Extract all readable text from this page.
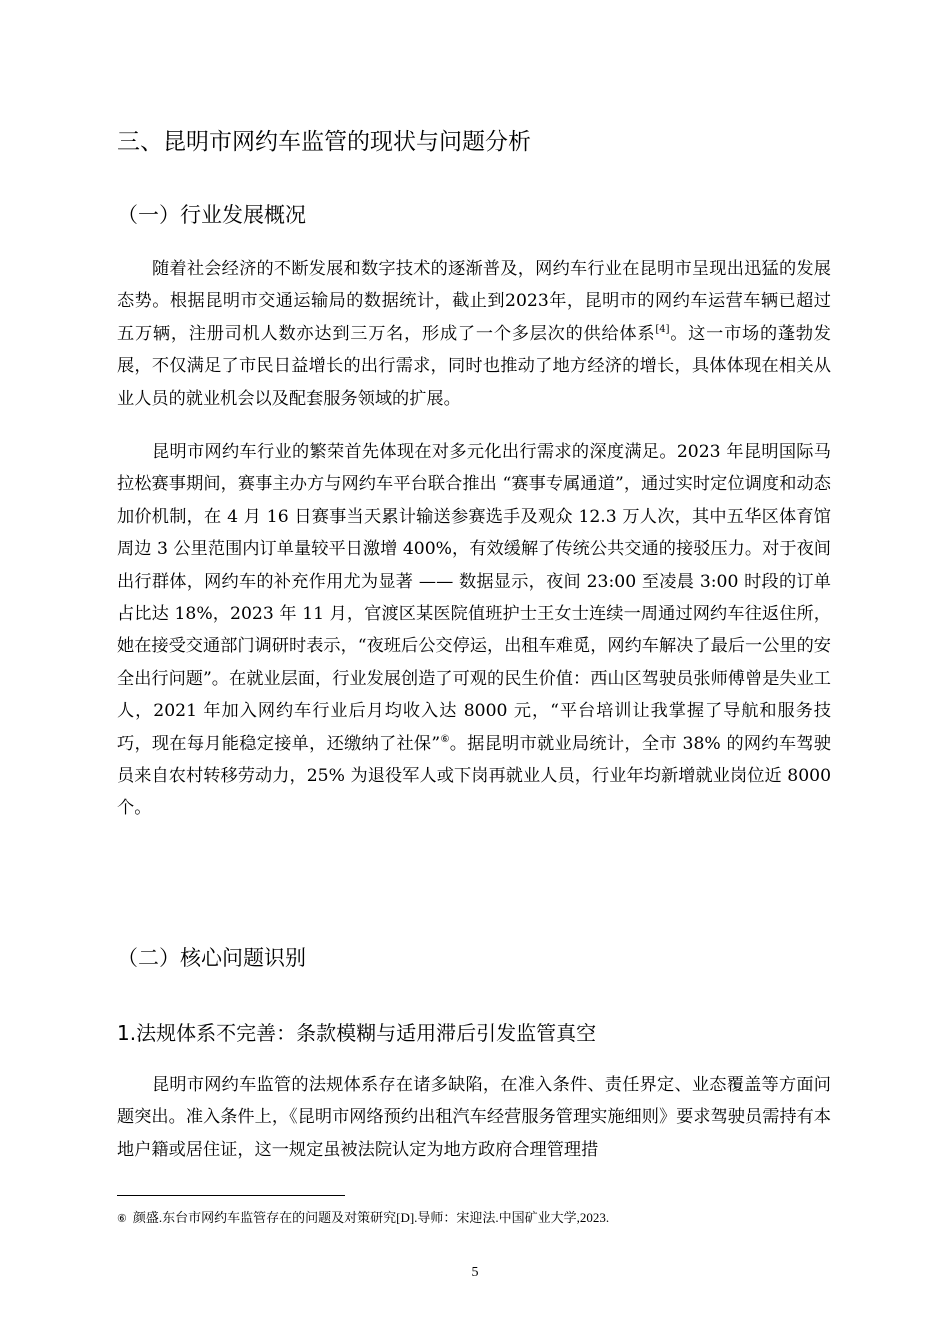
三、昆明市网约车监管的现状与问题分析
（一）行业发展概况

随着社会经济的不断发展和数字技术的逐渐普及，网约车行业在昆明市呈现出迅猛的发展态势。根据昆明市交通运输局的数据统计，截止到2023年，昆明市的网约车运营车辆已超过五万辆，注册司机人数亦达到三万名，形成了一个多层次的供给体系[4]。这一市场的蓬勃发展，不仅满足了市民日益增长的出行需求，同时也推动了地方经济的增长，具体体现在相关从业人员的就业机会以及配套服务领域的扩展。

昆明市网约车行业的繁荣首先体现在对多元化出行需求的深度满足。2023 年昆明国际马拉松赛事期间，赛事主办方与网约车平台联合推出 “赛事专属通道”，通过实时定位调度和动态加价机制，在 4 月 16 日赛事当天累计输送参赛选手及观众 12.3 万人次，其中五华区体育馆周边 3 公里范围内订单量较平日激增 400%，有效缓解了传统公共交通的接驳压力。对于夜间出行群体，网约车的补充作用尤为显著 —— 数据显示，夜间 23:00 至凌晨 3:00 时段的订单占比达 18%，2023 年 11 月，官渡区某医院值班护士王女士连续一周通过网约车往返住所，她在接受交通部门调研时表示，“夜班后公交停运，出租车难觅，网约车解决了最后一公里的安全出行问题”。在就业层面，行业发展创造了可观的民生价值：西山区驾驶员张师傅曾是失业工人，2021 年加入网约车行业后月均收入达 8000 元，“平台培训让我掌握了导航和服务技巧，现在每月能稳定接单，还缴纳了社保”⑥。据昆明市就业局统计，全市 38% 的网约车驾驶员来自农村转移劳动力，25% 为退役军人或下岗再就业人员，行业年均新增就业岗位近 8000 个。

（二）核心问题识别
1.法规体系不完善：条款模糊与适用滞后引发监管真空

昆明市网约车监管的法规体系存在诸多缺陷，在准入条件、责任界定、业态覆盖等方面问题突出。准入条件上，《昆明市网络预约出租汽车经营服务管理实施细则》要求驾驶员需持有本地户籍或居住证，这一规定虽被法院认定为地方政府合理管理措

⑥ 颜盛.东台市网约车监管存在的问题及对策研究[D].导师：宋迎法.中国矿业大学,2023.
5
